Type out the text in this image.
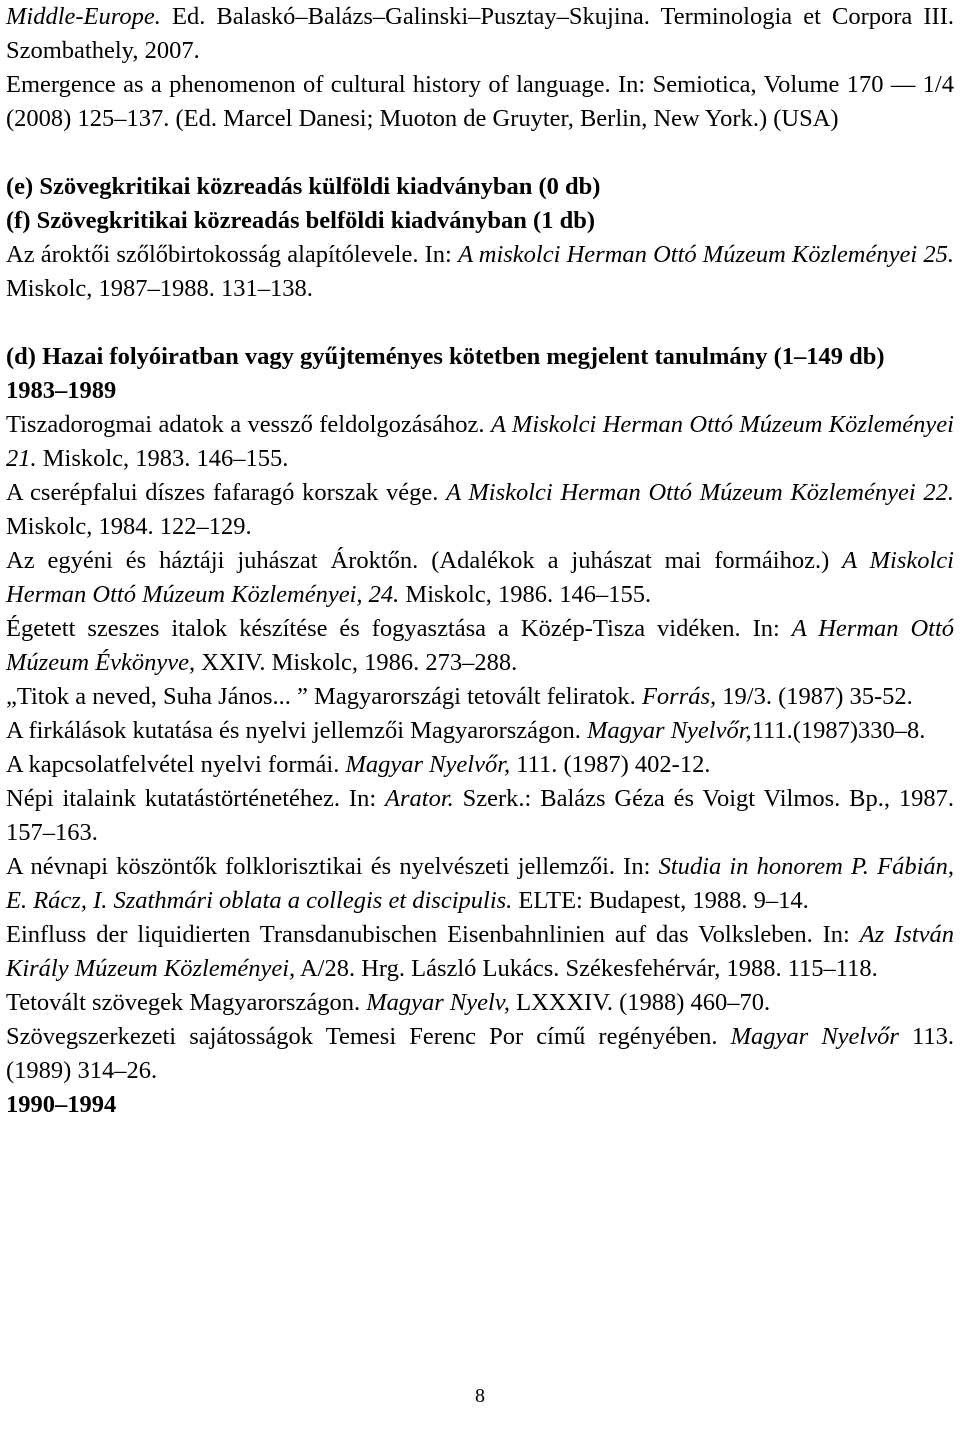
Middle-Europe. Ed. Balaskó–Balázs–Galinski–Pusztay–Skujina. Terminologia et Corpora III. Szombathely, 2007.

Emergence as a phenomenon of cultural history of language. In: Semiotica, Volume 170 — 1/4 (2008) 125–137. (Ed. Marcel Danesi; Muoton de Gruyter, Berlin, New York.) (USA)

(e) Szövegkritikai közreadás külföldi kiadványban (0 db)

(f) Szövegkritikai közreadás belföldi kiadványban (1 db)

Az ároktői szőlőbirtokosság alapítólevele. In: A miskolci Herman Ottó Múzeum Közleményei 25. Miskolc, 1987–1988. 131–138.

(d) Hazai folyóiratban vagy gyűjteményes kötetben megjelent tanulmány (1–149 db)

1983–1989

Tiszadorogmai adatok a vessző feldolgozásához. A Miskolci Herman Ottó Múzeum Közleményei 21. Miskolc, 1983. 146–155.

A cserépfalui díszes fafaragó korszak vége. A Miskolci Herman Ottó Múzeum Közleményei 22. Miskolc, 1984. 122–129.

Az egyéni és háztáji juhászat Ároktőn. (Adalékok a juhászat mai formáihoz.) A Miskolci Herman Ottó Múzeum Közleményei, 24. Miskolc, 1986. 146–155.

Égetett szeszes italok készítése és fogyasztása a Közép-Tisza vidéken. In: A Herman Ottó Múzeum Évkönyve, XXIV. Miskolc, 1986. 273–288.

„Titok a neved, Suha János... ” Magyarországi tetovált feliratok. Forrás, 19/3. (1987) 35-52.

A firkálások kutatása és nyelvi jellemzői Magyarországon. Magyar Nyelvőr,111.(1987)330–8.

A kapcsolatfelvétel nyelvi formái. Magyar Nyelvőr, 111. (1987) 402-12.

Népi italaink kutatástörténetéhez. In: Arator. Szerk.: Balázs Géza és Voigt Vilmos. Bp., 1987. 157–163.

A névnapi köszöntők folklorisztikai és nyelvészeti jellemzői. In: Studia in honorem P. Fábián, E. Rácz, I. Szathmári oblata a collegis et discipulis. ELTE: Budapest, 1988. 9–14.

Einfluss der liquidierten Transdanubischen Eisenbahnlinien auf das Volksleben. In: Az István Király Múzeum Közleményei, A/28. Hrg. László Lukács. Székesfehérvár, 1988. 115–118.

Tetovált szövegek Magyarországon. Magyar Nyelv, LXXXIV. (1988) 460–70.

Szövegszerkezeti sajátosságok Temesi Ferenc Por című regényében. Magyar Nyelvőr 113. (1989) 314–26.

1990–1994

8
